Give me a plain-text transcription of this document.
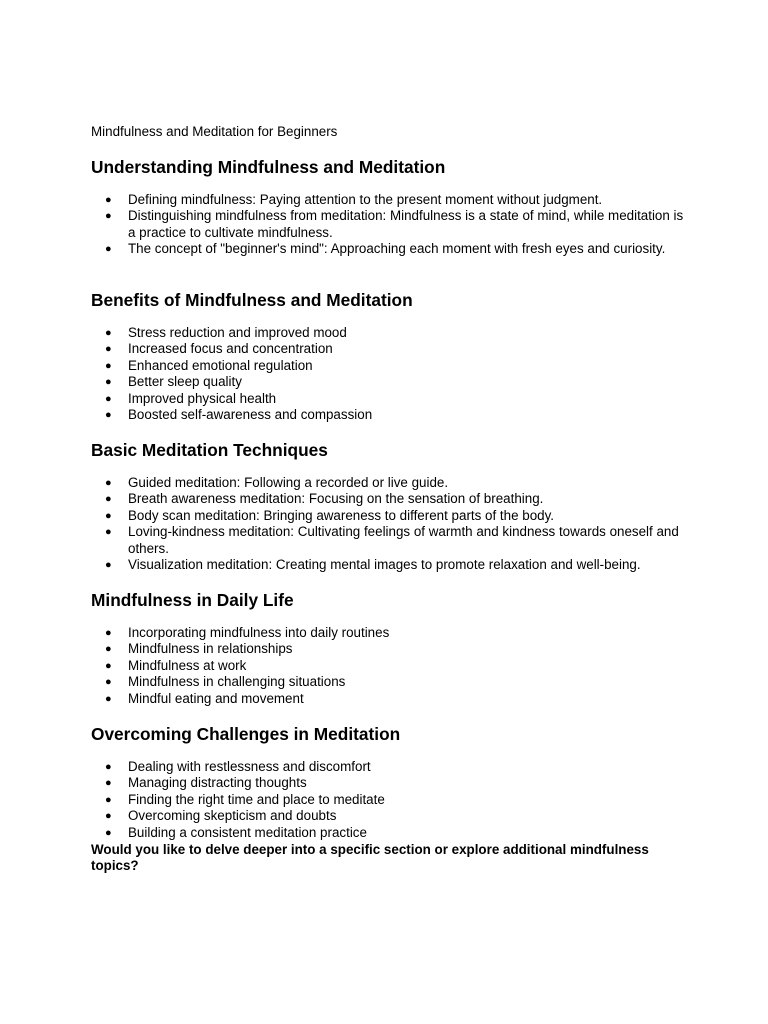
Mindfulness and Meditation for Beginners

Understanding Mindfulness and Meditation
● Defining mindfulness: Paying attention to the present moment without judgment.
● Distinguishing mindfulness from meditation: Mindfulness is a state of mind, while meditation is a practice to cultivate mindfulness.
● The concept of "beginner's mind": Approaching each moment with fresh eyes and curiosity.
Benefits of Mindfulness and Meditation
● Stress reduction and improved mood
● Increased focus and concentration
● Enhanced emotional regulation
● Better sleep quality
● Improved physical health
● Boosted self-awareness and compassion
Basic Meditation Techniques
● Guided meditation: Following a recorded or live guide.
● Breath awareness meditation: Focusing on the sensation of breathing.
● Body scan meditation: Bringing awareness to different parts of the body.
● Loving-kindness meditation: Cultivating feelings of warmth and kindness towards oneself and others.
● Visualization meditation: Creating mental images to promote relaxation and well-being.
Mindfulness in Daily Life
● Incorporating mindfulness into daily routines
● Mindfulness in relationships
● Mindfulness at work
● Mindfulness in challenging situations
● Mindful eating and movement
Overcoming Challenges in Meditation
● Dealing with restlessness and discomfort
● Managing distracting thoughts
● Finding the right time and place to meditate
● Overcoming skepticism and doubts
● Building a consistent meditation practice

Would you like to delve deeper into a specific section or explore additional mindfulness topics?
